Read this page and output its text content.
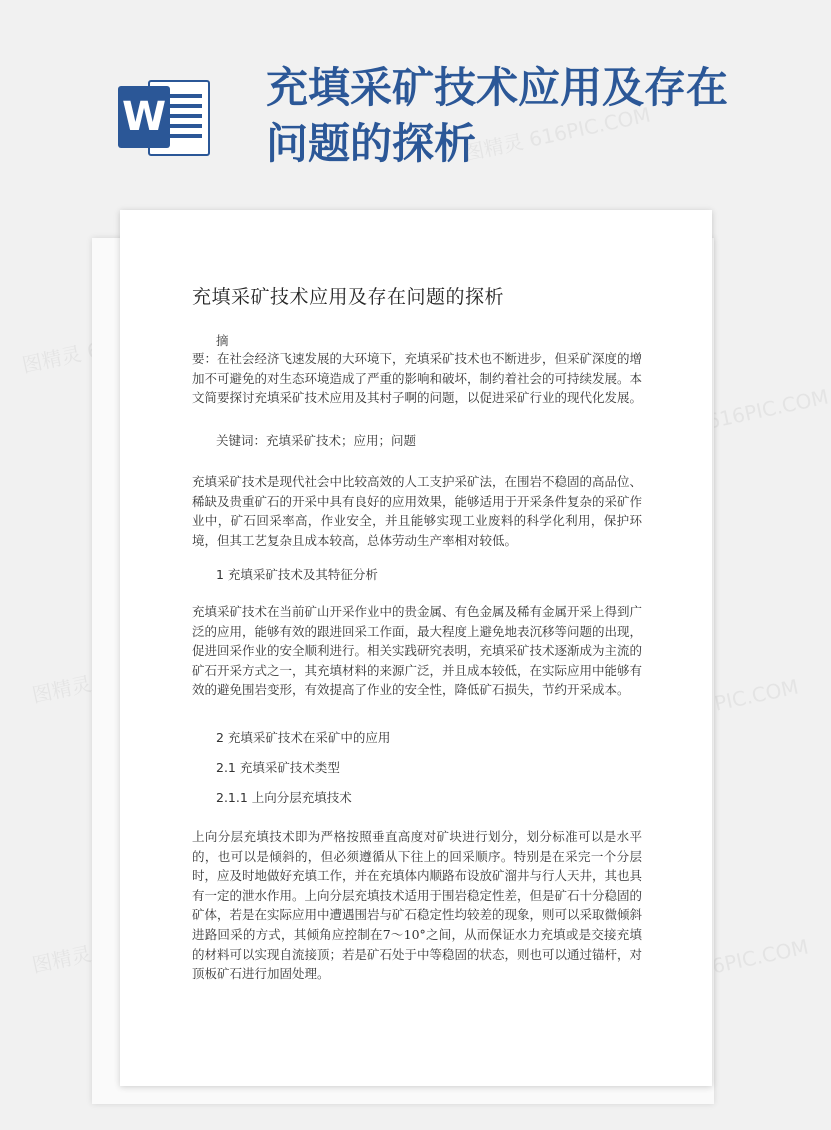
W
充填采矿技术应用及存在问题的探析
图精灵 616PIC.COM
图精灵
图精灵 616PIC.COM
图精灵	616PIC.COM
图精灵	图精灵 616PIC.COM
充填采矿技术应用及存在问题的探析
摘
要：在社会经济飞速发展的大环境下，充填采矿技术也不断进步，但采矿深度的增加不可避免的对生态环境造成了严重的影响和破坏，制约着社会的可持续发展。本文简要探讨充填采矿技术应用及其村子啊的问题，以促进采矿行业的现代化发展。
关键词：充填采矿技术；应用；问题
充填采矿技术是现代社会中比较高效的人工支护采矿法，在围岩不稳固的高品位、稀缺及贵重矿石的开采中具有良好的应用效果，能够适用于开采条件复杂的采矿作业中，矿石回采率高，作业安全，并且能够实现工业废料的科学化利用，保护环境，但其工艺复杂且成本较高，总体劳动生产率相对较低。
1 充填采矿技术及其特征分析
充填采矿技术在当前矿山开采作业中的贵金属、有色金属及稀有金属开采上得到广泛的应用，能够有效的跟进回采工作面，最大程度上避免地表沉移等问题的出现，促进回采作业的安全顺利进行。相关实践研究表明，充填采矿技术逐渐成为主流的矿石开采方式之一，其充填材料的来源广泛，并且成本较低，在实际应用中能够有效的避免围岩变形，有效提高了作业的安全性，降低矿石损失，节约开采成本。
2 充填采矿技术在采矿中的应用
2.1 充填采矿技术类型
2.1.1 上向分层充填技术
上向分层充填技术即为严格按照垂直高度对矿块进行划分，划分标准可以是水平的，也可以是倾斜的，但必须遵循从下往上的回采顺序。特别是在采完一个分层时，应及时地做好充填工作，并在充填体内顺路布设放矿溜井与行人天井，其也具有一定的泄水作用。上向分层充填技术适用于围岩稳定性差，但是矿石十分稳固的矿体，若是在实际应用中遭遇围岩与矿石稳定性均较差的现象，则可以采取微倾斜进路回采的方式，其倾角应控制在7～10°之间，从而保证水力充填或是交接充填的材料可以实现自流接顶；若是矿石处于中等稳固的状态，则也可以通过锚杆，对顶板矿石进行加固处理。
